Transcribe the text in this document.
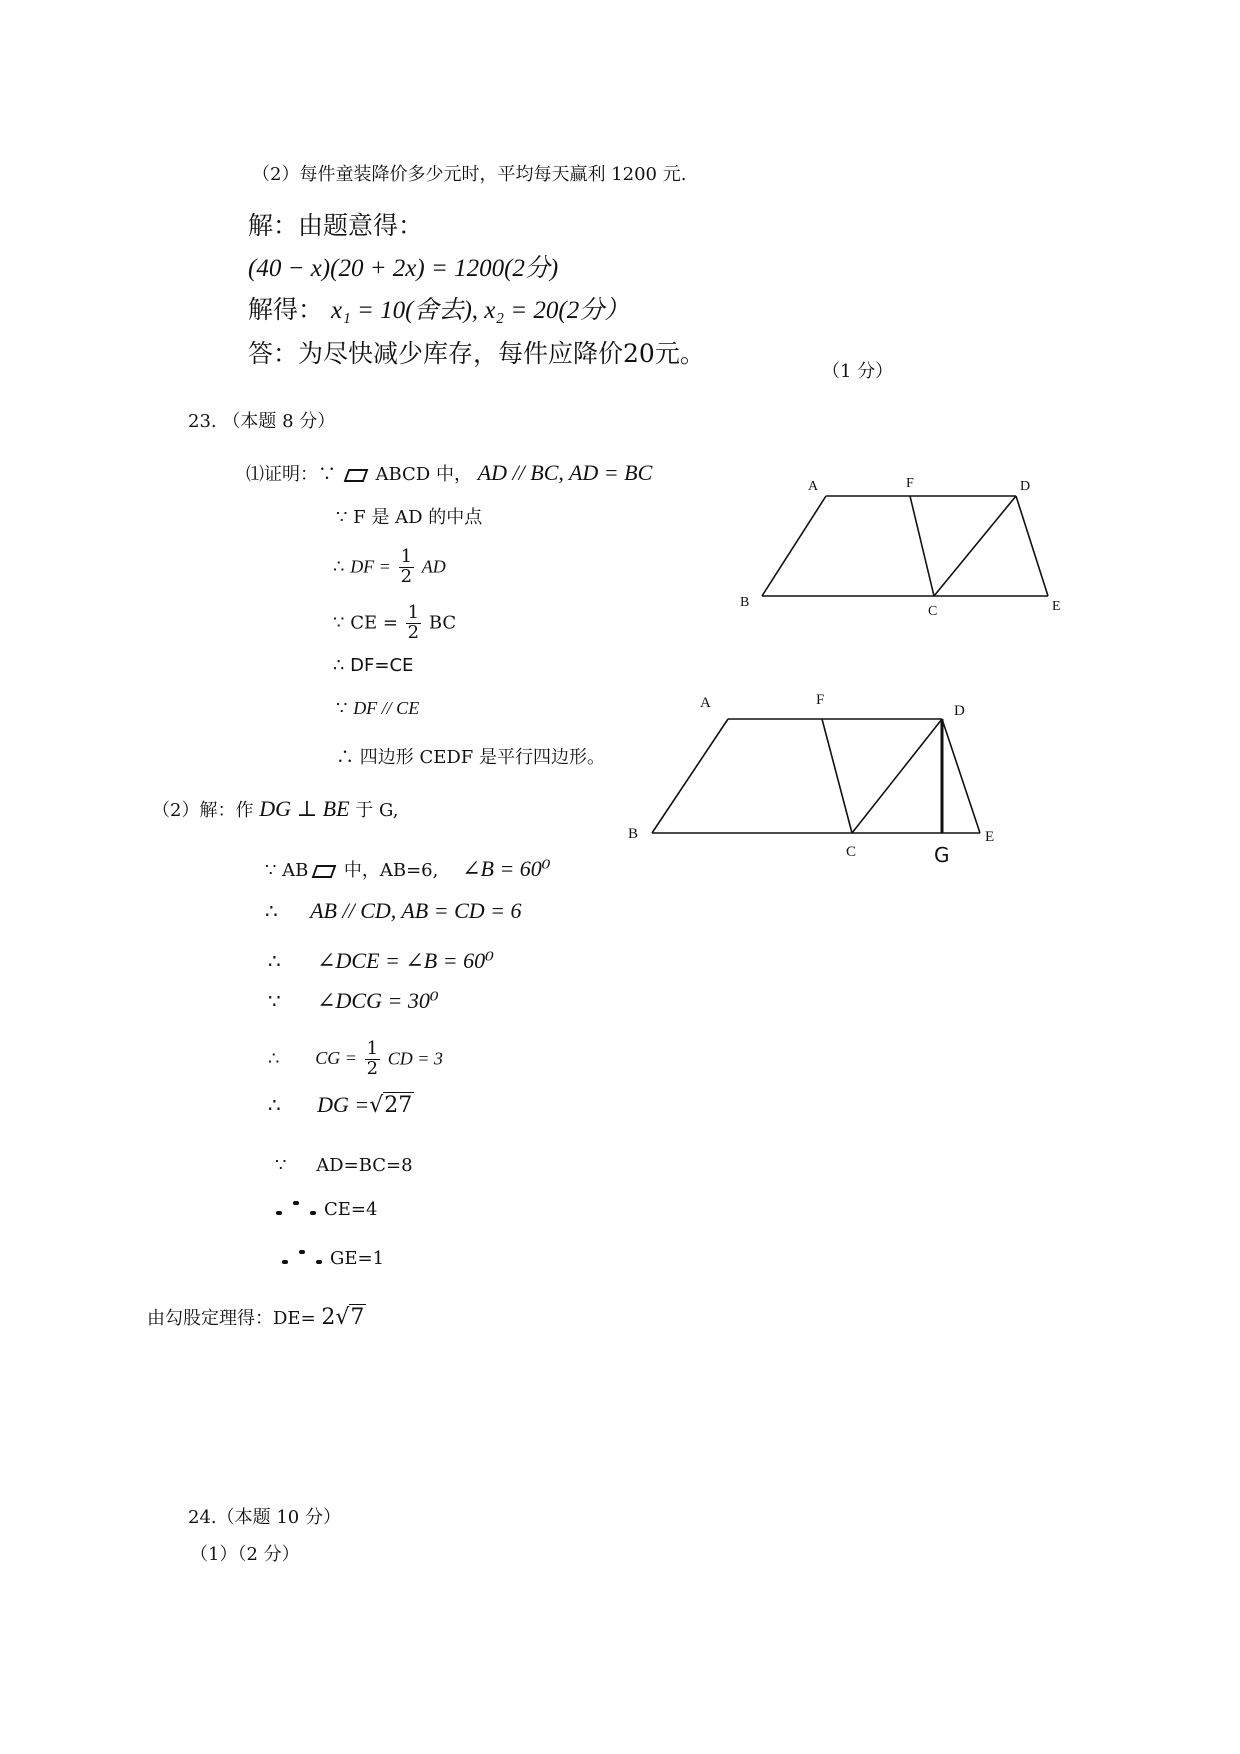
（2）每件童装降价多少元时，平均每天赢利 1200 元.
解：由题意得：
(40 − x)(20 + 2x) = 1200(2分)
解得： x₁ = 10(舍去), x₂ = 20(2分）
答：为尽快减少库存，每件应降价20元。
（1 分）
23. （本题 8 分）
⑴证明：∵ ABCD 中， AD // BC, AD = BC
∵ F 是 AD 的中点
∴ DF = $\frac{1}{2}$ AD
∵ CE = $\frac{1}{2}$ BC
∴ DF=CE
∵ DF // CE
∴ 四边形 CEDF 是平行四边形。
（2）解：作 DG ⊥ BE 于 G,
∵ AB 中，AB=6, ∠B = 60⁰
∴ AB // CD, AB = CD = 6
∴ ∠DCE = ∠B = 60⁰
∵ ∠DCG = 30⁰
∴ CG = $\frac{1}{2}$ CD = 3
∴ DG =√27
∵ AD=BC=8
CE=4
GE=1
由勾股定理得：DE= 2√7
A	F	D
B
C	E
A	F
D
B
C
E
G
24.（本题 10 分）
（1）（2 分）
